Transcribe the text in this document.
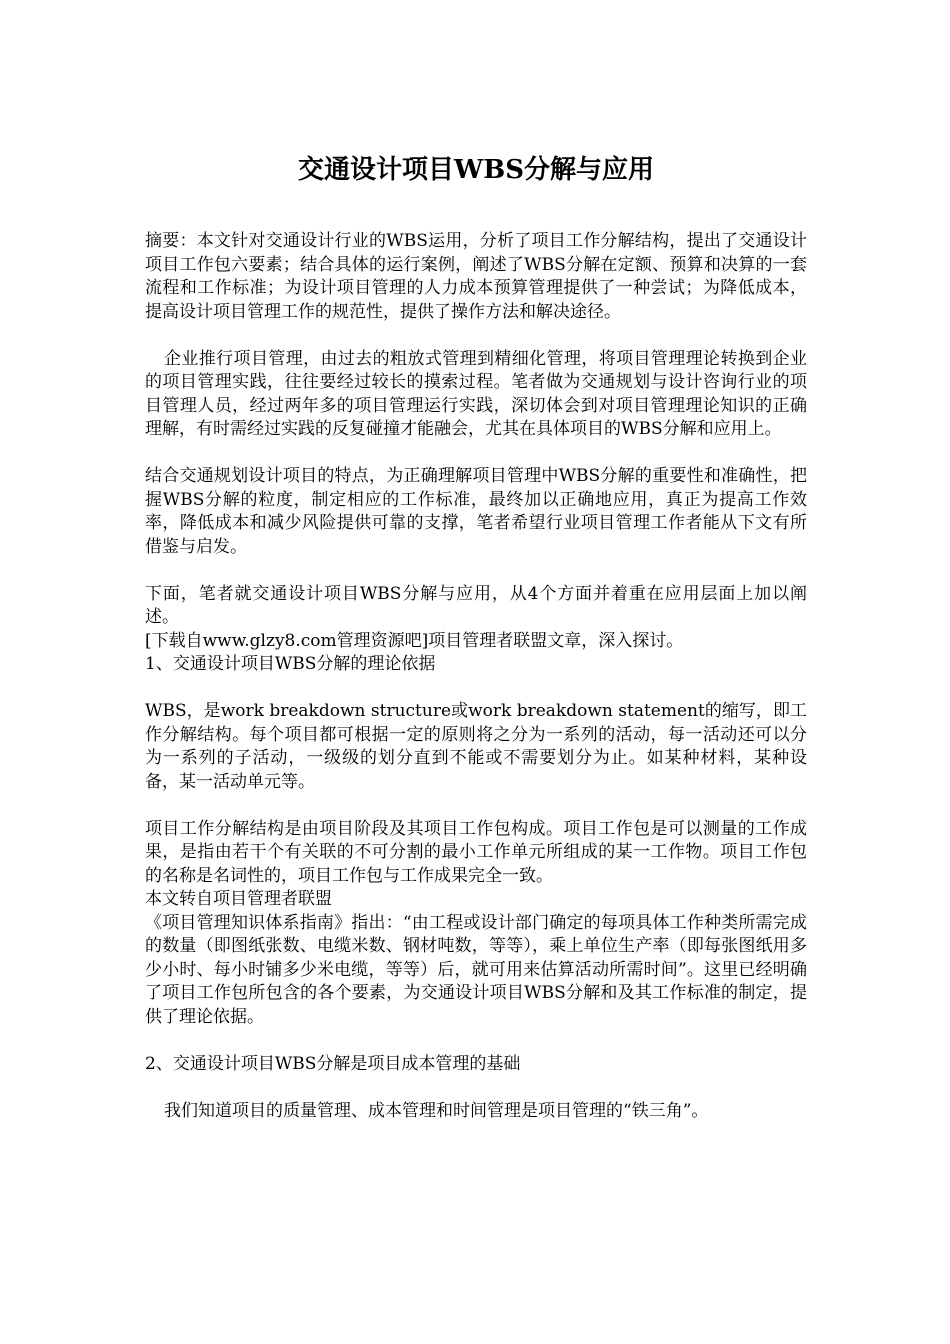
交通设计项目WBS分解与应用

摘要：本文针对交通设计行业的WBS运用，分析了项目工作分解结构，提出了交通设计项目工作包六要素；结合具体的运行案例，阐述了WBS分解在定额、预算和决算的一套流程和工作标准；为设计项目管理的人力成本预算管理提供了一种尝试；为降低成本，提高设计项目管理工作的规范性，提供了操作方法和解决途径。

企业推行项目管理，由过去的粗放式管理到精细化管理，将项目管理理论转换到企业的项目管理实践，往往要经过较长的摸索过程。笔者做为交通规划与设计咨询行业的项目管理人员，经过两年多的项目管理运行实践，深切体会到对项目管理理论知识的正确理解，有时需经过实践的反复碰撞才能融会，尤其在具体项目的WBS分解和应用上。

结合交通规划设计项目的特点，为正确理解项目管理中WBS分解的重要性和准确性，把握WBS分解的粒度，制定相应的工作标准，最终加以正确地应用，真正为提高工作效率，降低成本和减少风险提供可靠的支撑，笔者希望行业项目管理工作者能从下文有所借鉴与启发。

下面，笔者就交通设计项目WBS分解与应用，从4个方面并着重在应用层面上加以阐述。

[下载自www.glzy8.com管理资源吧]项目管理者联盟文章，深入探讨。

1、交通设计项目WBS分解的理论依据

WBS，是work breakdown structure或work breakdown statement的缩写，即工作分解结构。每个项目都可根据一定的原则将之分为一系列的活动，每一活动还可以分为一系列的子活动，一级级的划分直到不能或不需要划分为止。如某种材料，某种设备，某一活动单元等。

项目工作分解结构是由项目阶段及其项目工作包构成。项目工作包是可以测量的工作成果，是指由若干个有关联的不可分割的最小工作单元所组成的某一工作物。项目工作包的名称是名词性的，项目工作包与工作成果完全一致。

本文转自项目管理者联盟

《项目管理知识体系指南》指出：“由工程或设计部门确定的每项具体工作种类所需完成的数量（即图纸张数、电缆米数、钢材吨数，等等），乘上单位生产率（即每张图纸用多少小时、每小时铺多少米电缆，等等）后，就可用来估算活动所需时间”。这里已经明确了项目工作包所包含的各个要素，为交通设计项目WBS分解和及其工作标准的制定，提供了理论依据。

2、交通设计项目WBS分解是项目成本管理的基础

我们知道项目的质量管理、成本管理和时间管理是项目管理的“铁三角”。
